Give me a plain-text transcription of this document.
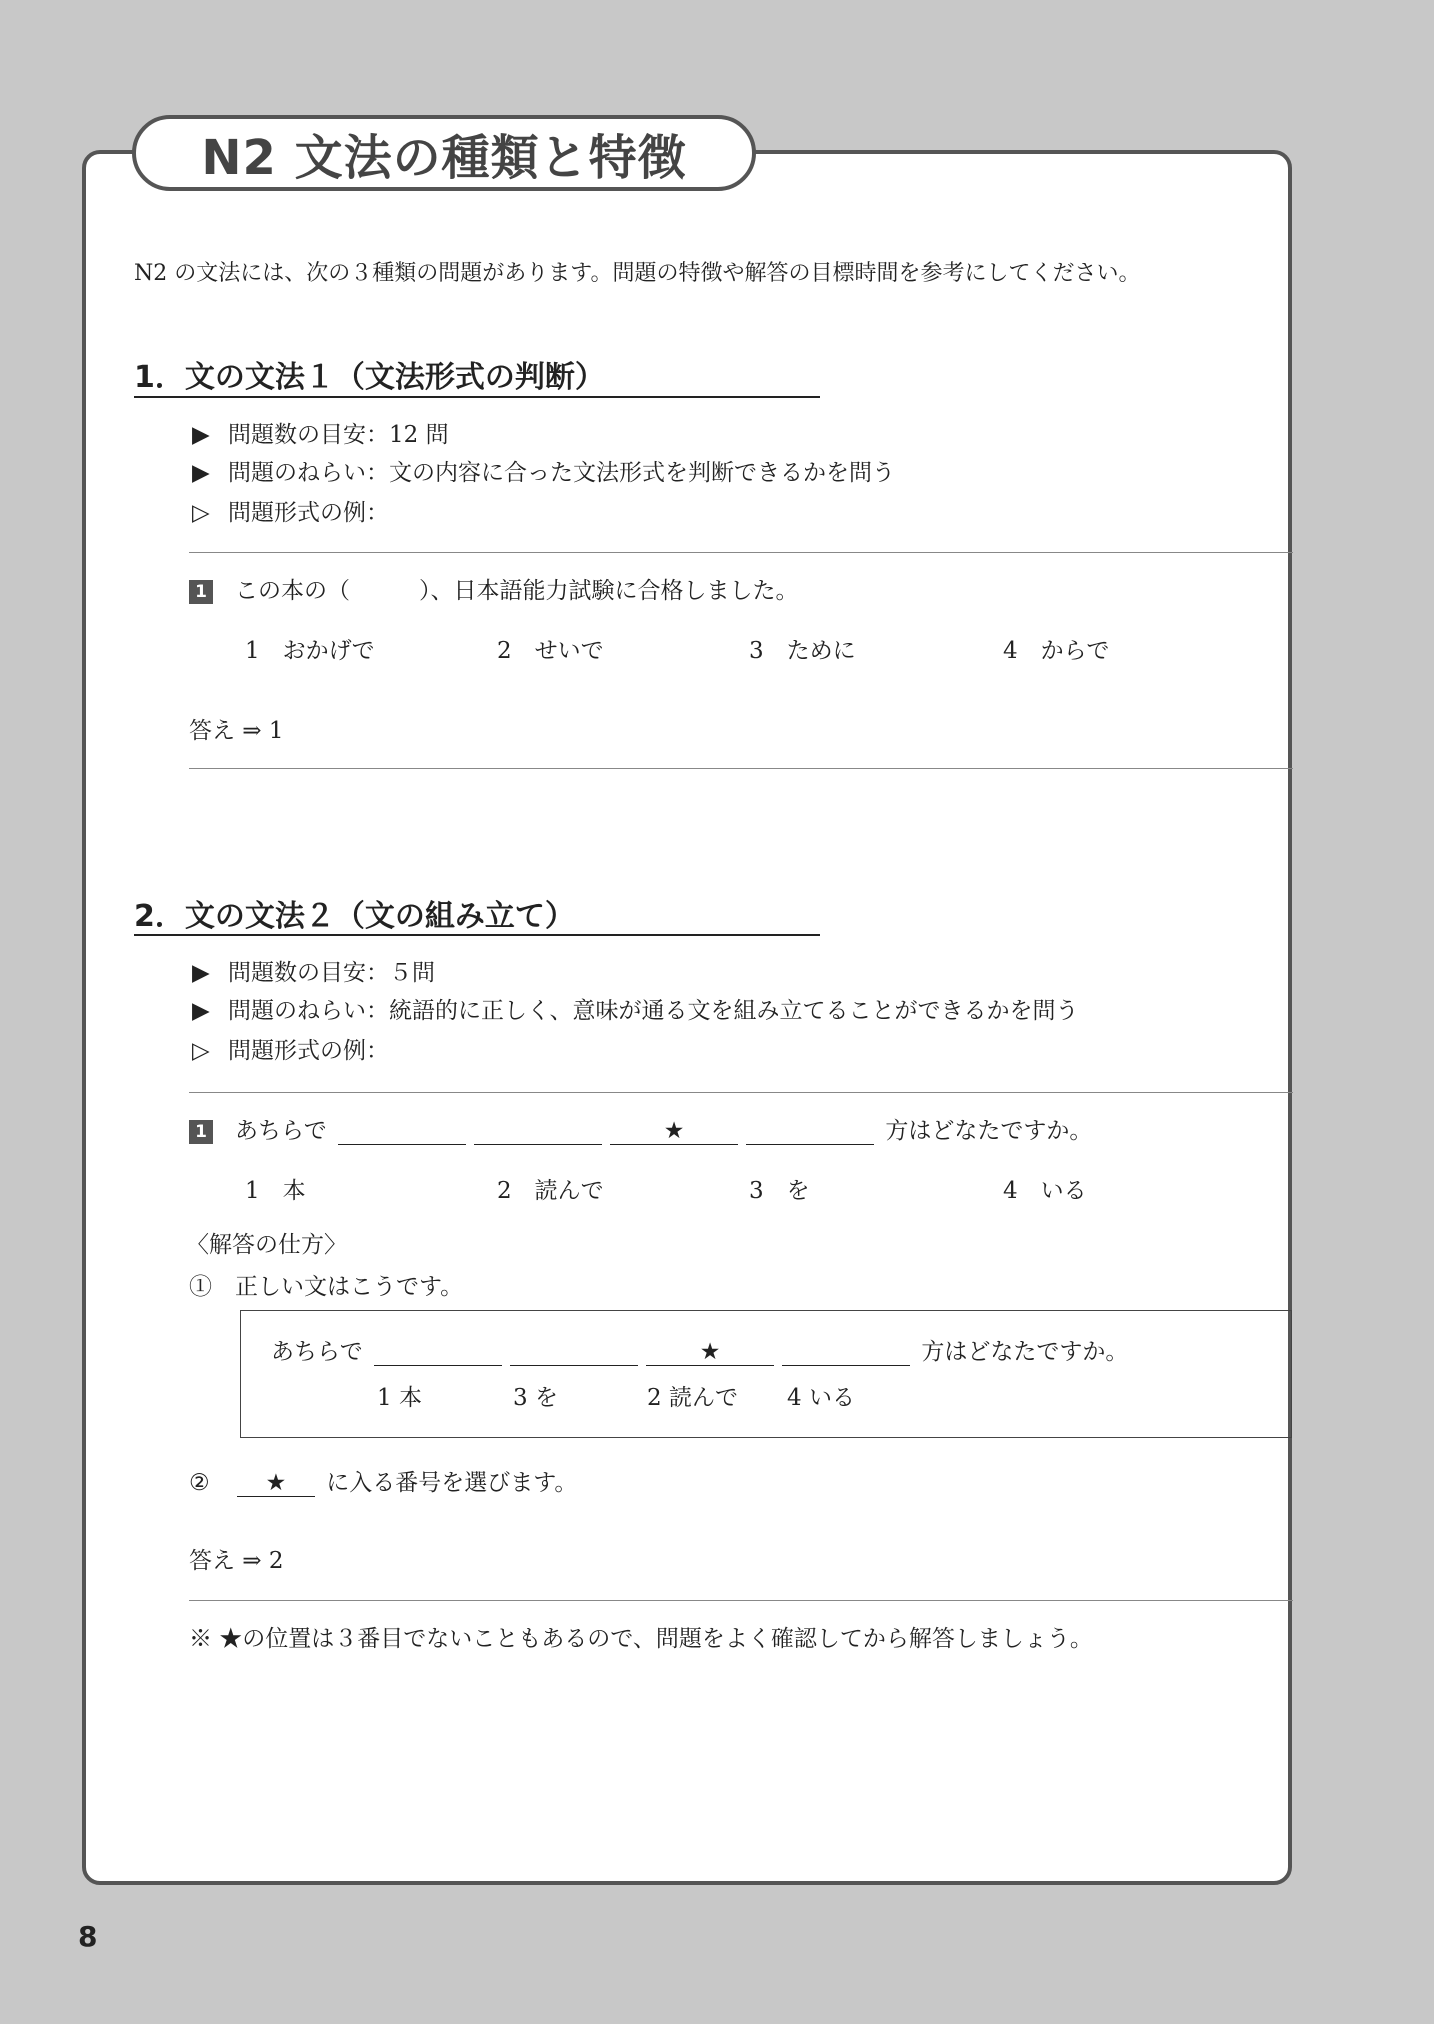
N2 文法の種類と特徴
N2 の文法には、次の３種類の問題があります。問題の特徴や解答の目標時間を参考にしてください。
1．文の文法１（文法形式の判断）
▶ 問題数の目安：12 問
▶ 問題のねらい：文の内容に合った文法形式を判断できるかを問う
▷ 問題形式の例：
1 この本の（　　　）、日本語能力試験に合格しました。
1　おかげで	2　せいで	3　ために	4　からで
答え ⇒ 1
2．文の文法２（文の組み立て）
▶ 問題数の目安：５問
▶ 問題のねらい：統語的に正しく、意味が通る文を組み立てることができるかを問う
▷ 問題形式の例：
1 あちらで	★	方はどなたですか。
1　本	2　読んで	3　を	4　いる
〈解答の仕方〉
①　正しい文はこうです。
あちらで	★	方はどなたですか。
1 本	3 を	2 読んで 4 いる
② ★ に入る番号を選びます。
答え ⇒ 2
※ ★の位置は３番目でないこともあるので、問題をよく確認してから解答しましょう。
8
